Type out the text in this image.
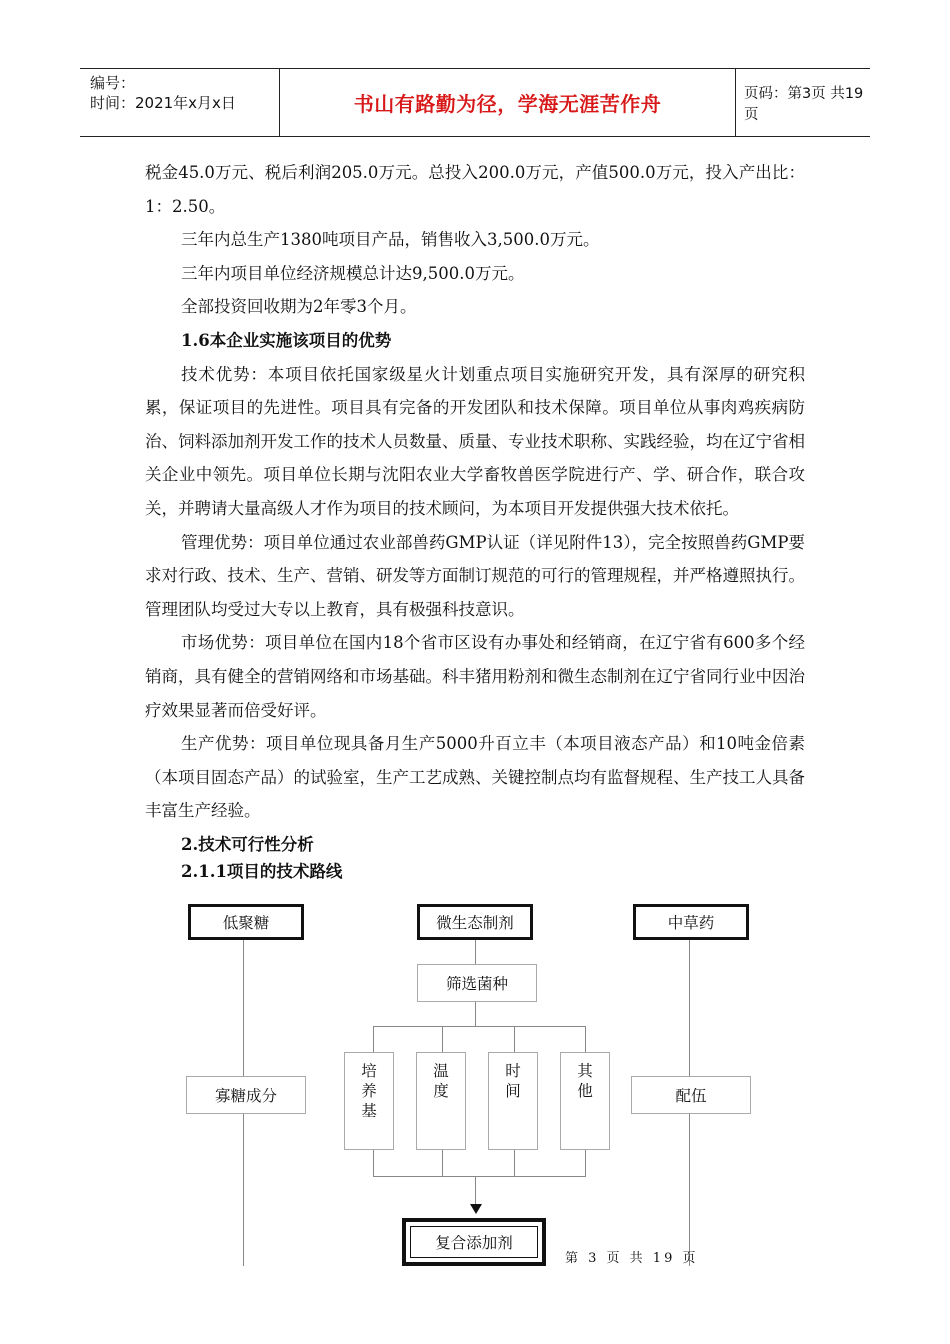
编号：
时间：2021年x月x日	书山有路勤为径，学海无涯苦作舟	页码：第3页 共19页

税金45.0万元、税后利润205.0万元。总投入200.0万元，产值500.0万元，投入产出比：1：2.50。

三年内总生产1380吨项目产品，销售收入3,500.0万元。

三年内项目单位经济规模总计达9,500.0万元。

全部投资回收期为2年零3个月。

1.6本企业实施该项目的优势

技术优势：本项目依托国家级星火计划重点项目实施研究开发，具有深厚的研究积累，保证项目的先进性。项目具有完备的开发团队和技术保障。项目单位从事肉鸡疾病防治、饲料添加剂开发工作的技术人员数量、质量、专业技术职称、实践经验，均在辽宁省相关企业中领先。项目单位长期与沈阳农业大学畜牧兽医学院进行产、学、研合作，联合攻关，并聘请大量高级人才作为项目的技术顾问，为本项目开发提供强大技术依托。

管理优势：项目单位通过农业部兽药GMP认证（详见附件13），完全按照兽药GMP要求对行政、技术、生产、营销、研发等方面制订规范的可行的管理规程，并严格遵照执行。管理团队均受过大专以上教育，具有极强科技意识。

市场优势：项目单位在国内18个省市区设有办事处和经销商，在辽宁省有600多个经销商，具有健全的营销网络和市场基础。科丰猪用粉剂和微生态制剂在辽宁省同行业中因治疗效果显著而倍受好评。

生产优势：项目单位现具备月生产5000升百立丰（本项目液态产品）和10吨金倍素（本项目固态产品）的试验室，生产工艺成熟、关键控制点均有监督规程、生产技工人具备丰富生产经验。

2.技术可行性分析
2.1.1项目的技术路线
低聚糖	微生态制剂	中草药
筛选菌种
培
养
基
温
度
时
间
其
他
寡糖成分	配伍
复合添加剂
第 3 页 共 19 页
